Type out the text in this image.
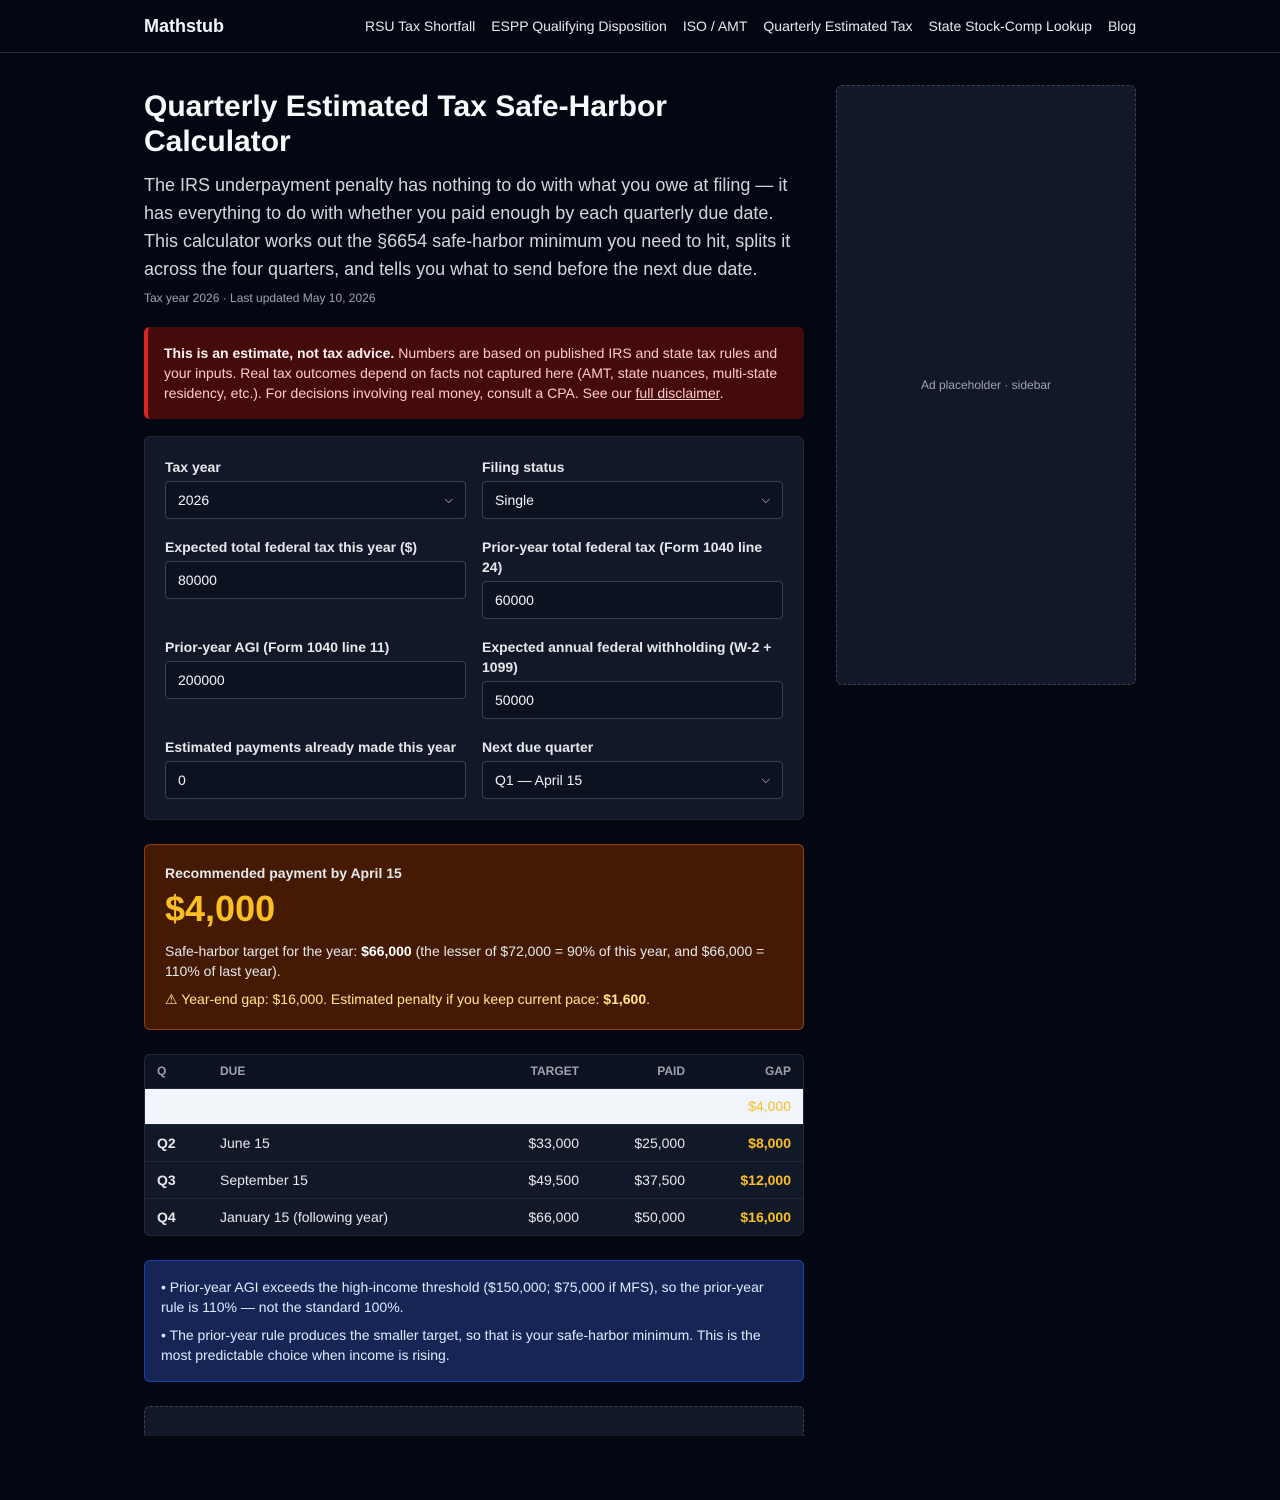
Mathstub	RSU Tax Shortfall ESPP Qualifying Disposition ISO / AMT Quarterly Estimated Tax State Stock-Comp Lookup Blog
Quarterly Estimated Tax Safe-Harbor Calculator

The IRS underpayment penalty has nothing to do with what you owe at filing — it has everything to do with whether you paid enough by each quarterly due date. This calculator works out the §6654 safe-harbor minimum you need to hit, splits it across the four quarters, and tells you what to send before the next due date.

Tax year 2026 · Last updated May 10, 2026

This is an estimate, not tax advice. Numbers are based on published IRS and state tax rules and your inputs. Real tax outcomes depend on facts not captured here (AMT, state nuances, multi-state residency, etc.). For decisions involving real money, consult a CPA. See our full disclaimer.
Tax year
2026	⌵
Filing status
Single	⌵
Expected total federal tax this year ($)
80000
Prior-year total federal tax (Form 1040 line 24)
60000
Prior-year AGI (Form 1040 line 11)
200000
Expected annual federal withholding (W-2 + 1099)
50000
Estimated payments already made this year
0
Next due quarter
Q1 — April 15	⌵
Recommended payment by April 15
$4,000

Safe-harbor target for the year: $66,000 (the lesser of $72,000 = 90% of this year, and $66,000 = 110% of last year).

⚠ Year-end gap: $16,000. Estimated penalty if you keep current pace: $1,600.

Q	DUE	TARGET	PAID	GAP
Q1	April 15	$16,500	$12,500	$4,000
Q2	June 15	$33,000	$25,000	$8,000
Q3	September 15	$49,500	$37,500	$12,000
Q4	January 15 (following year)	$66,000	$50,000	$16,000

• Prior-year AGI exceeds the high-income threshold ($150,000; $75,000 if MFS), so the prior-year rule is 110% — not the standard 100%.

• The prior-year rule produces the smaller target, so that is your safe-harbor minimum. This is the most predictable choice when income is rising.

Ad placeholder · sidebar
